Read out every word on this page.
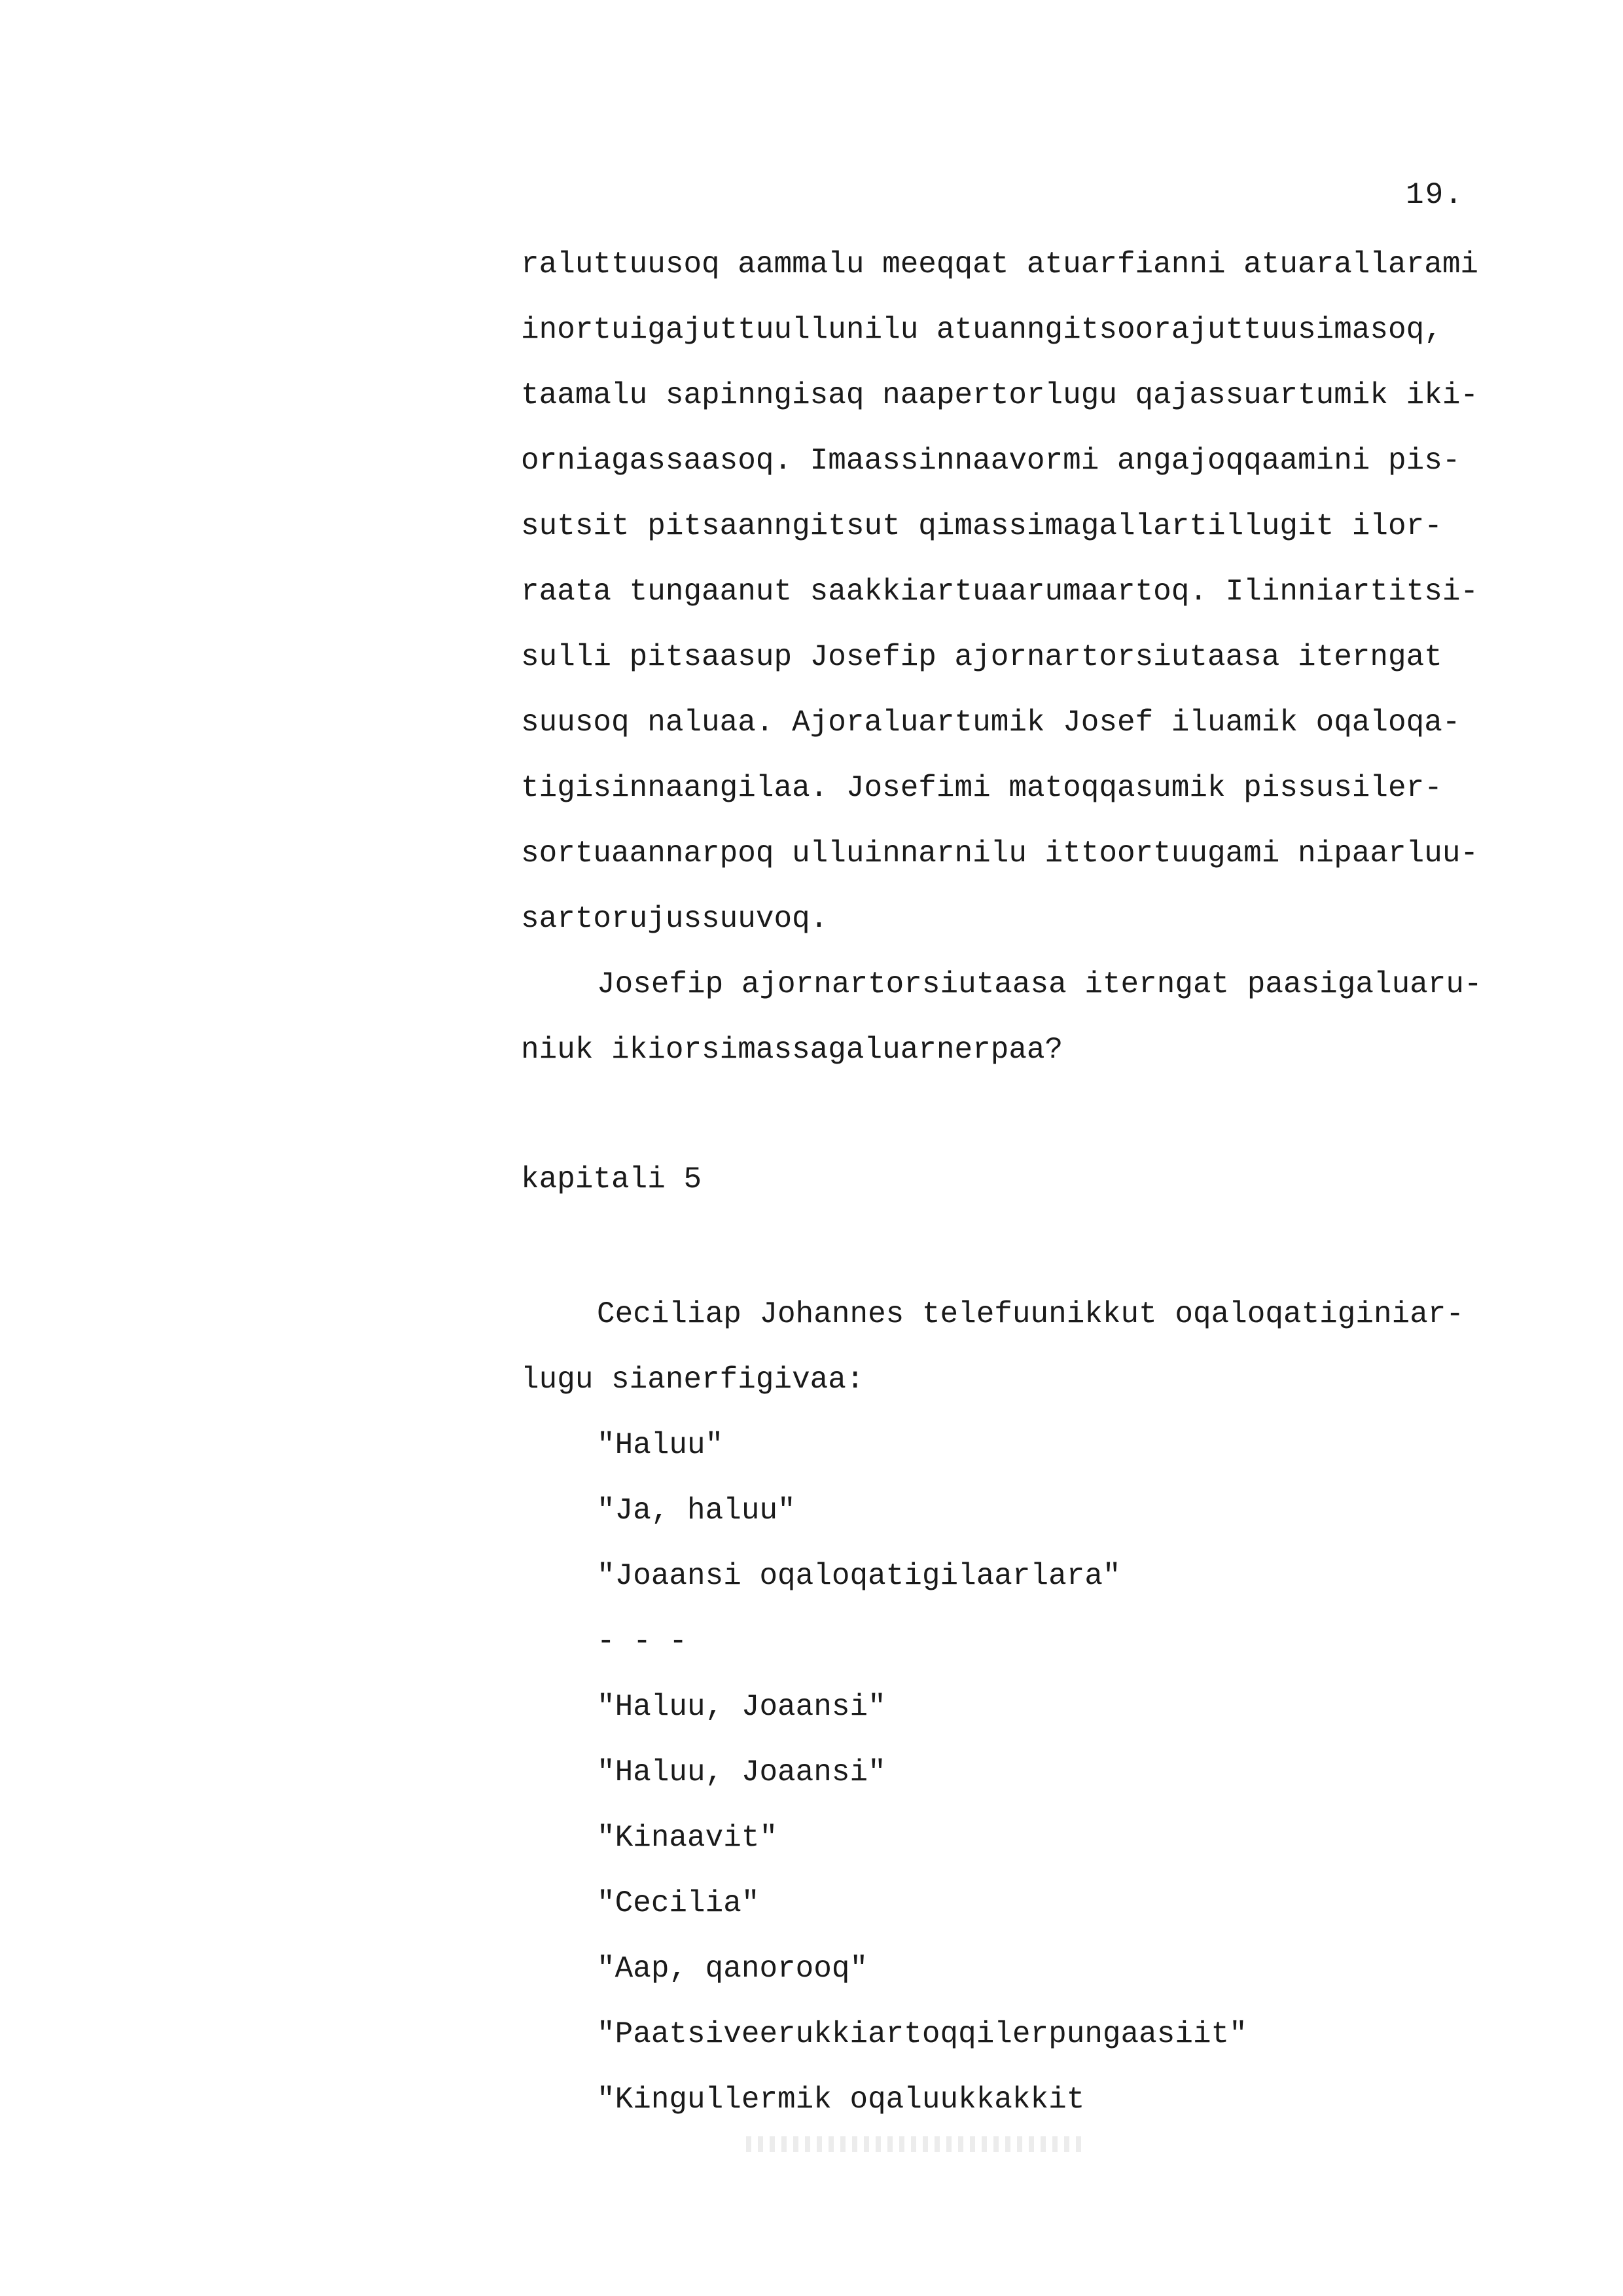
19.
raluttuusoq aammalu meeqqat atuarfianni atuarallarami
inortuigajuttuullunilu atuanngitsoorajuttuusimasoq,
taamalu sapinngisaq naapertorlugu qajassuartumik iki-
orniagassaasoq. Imaassinnaavormi angajoqqaamini pis-
sutsit pitsaanngitsut qimassimagallartillugit ilor-
raata tungaanut saakkiartuaarumaartoq. Ilinniartitsi-
sulli pitsaasup Josefip ajornartorsiutaasa iterngat
suusoq naluaa. Ajoraluartumik Josef iluamik oqaloqa-
tigisinnaangilaa. Josefimi matoqqasumik pissusiler-
sortuaannarpoq ulluinnarnilu ittoortuugami nipaarluu-
sartorujussuuvoq.
Josefip ajornartorsiutaasa iterngat paasigaluaru-
niuk ikiorsimassagaluarnerpaa?
kapitali 5
Ceciliap Johannes telefuunikkut oqaloqatiginiar-
lugu sianerfigivaa:
"Haluu"
"Ja, haluu"
"Joaansi oqaloqatigilaarlara"
- - -
"Haluu, Joaansi"
"Haluu, Joaansi"
"Kinaavit"
"Cecilia"
"Aap, qanorooq"
"Paatsiveerukkiartoqqilerpungaasiit"
"Kingullermik oqaluukkakkit
